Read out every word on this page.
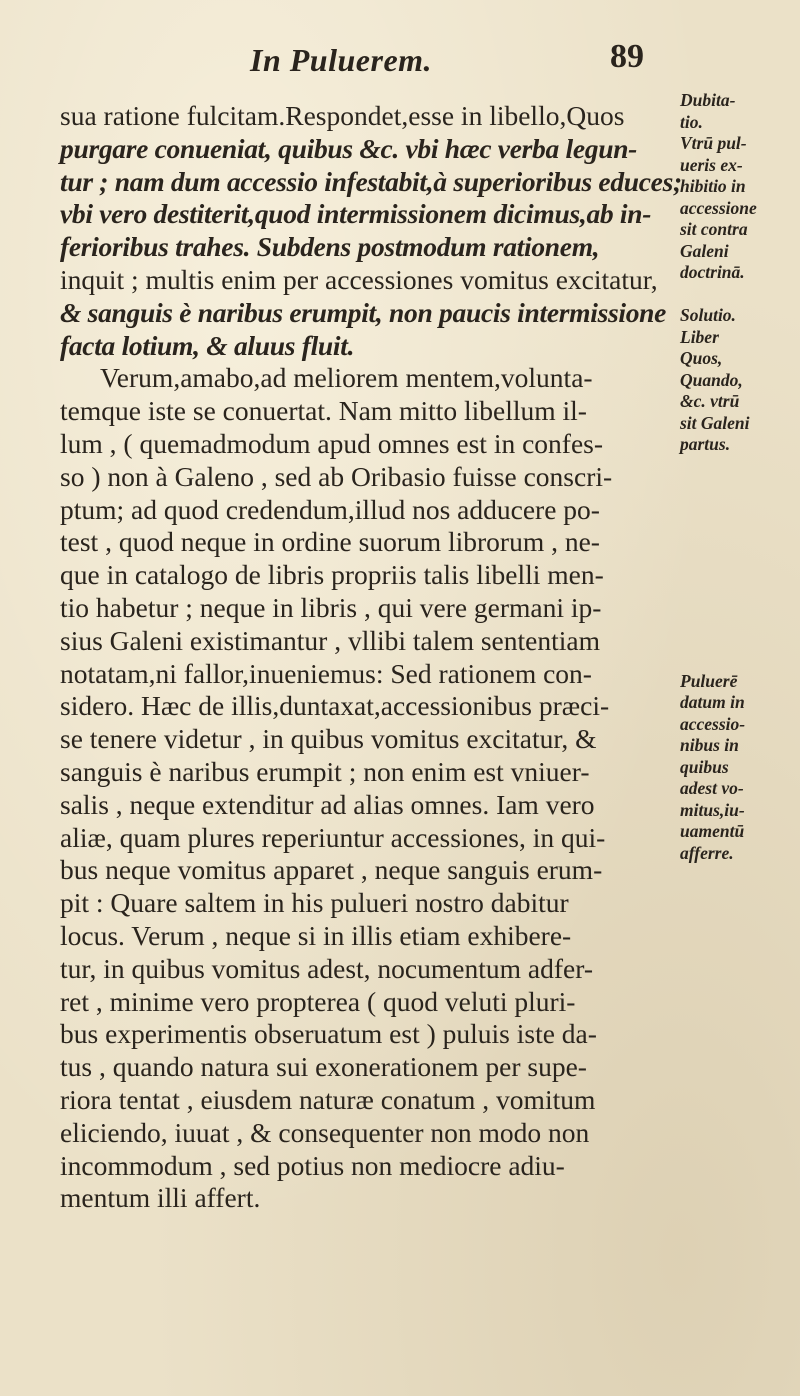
In Puluerem.	89
sua ratione fulcitam.Respondet,esse in libello,Quos
purgare conueniat, quibus &c. vbi hæc verba legun-
tur ; nam dum accessio infestabit,à superioribus educes;
vbi vero destiterit,quod intermissionem dicimus,ab in-
ferioribus trahes. Subdens postmodum rationem,
inquit ; multis enim per accessiones vomitus excitatur,
& sanguis è naribus erumpit, non paucis intermissione
facta lotium, & aluus fluit.
Verum,amabo,ad meliorem mentem,volunta-
temque iste se conuertat. Nam mitto libellum il-
lum , ( quemadmodum apud omnes est in confes-
so ) non à Galeno , sed ab Oribasio fuisse conscri-
ptum; ad quod credendum,illud nos adducere po-
test , quod neque in ordine suorum librorum , ne-
que in catalogo de libris propriis talis libelli men-
tio habetur ; neque in libris , qui vere germani ip-
sius Galeni existimantur , vllibi talem sententiam
notatam,ni fallor,inueniemus: Sed rationem con-
sidero. Hæc de illis,duntaxat,accessionibus præci-
se tenere videtur , in quibus vomitus excitatur, &
sanguis è naribus erumpit ; non enim est vniuer-
salis , neque extenditur ad alias omnes. Iam vero
aliæ, quam plures reperiuntur accessiones, in qui-
bus neque vomitus apparet , neque sanguis erum-
pit : Quare saltem in his pulueri nostro dabitur
locus. Verum , neque si in illis etiam exhibere-
tur, in quibus vomitus adest, nocumentum adfer-
ret , minime vero propterea ( quod veluti pluri-
bus experimentis obseruatum est ) puluis iste da-
tus , quando natura sui exonerationem per supe-
riora tentat , eiusdem naturæ conatum , vomitum
eliciendo, iuuat , & consequenter non modo non
incommodum , sed potius non mediocre adiu-
mentum illi affert.
Dubita-
tio.
Vtrū pul-
ueris ex-
hibitio in
accessione
sit contra
Galeni
doctrinā.
Solutio.
Liber
Quos,
Quando,
&c. vtrū
sit Galeni
partus.
Puluerē
datum in
accessio-
nibus in
quibus
adest vo-
mitus,iu-
uamentū
afferre.
